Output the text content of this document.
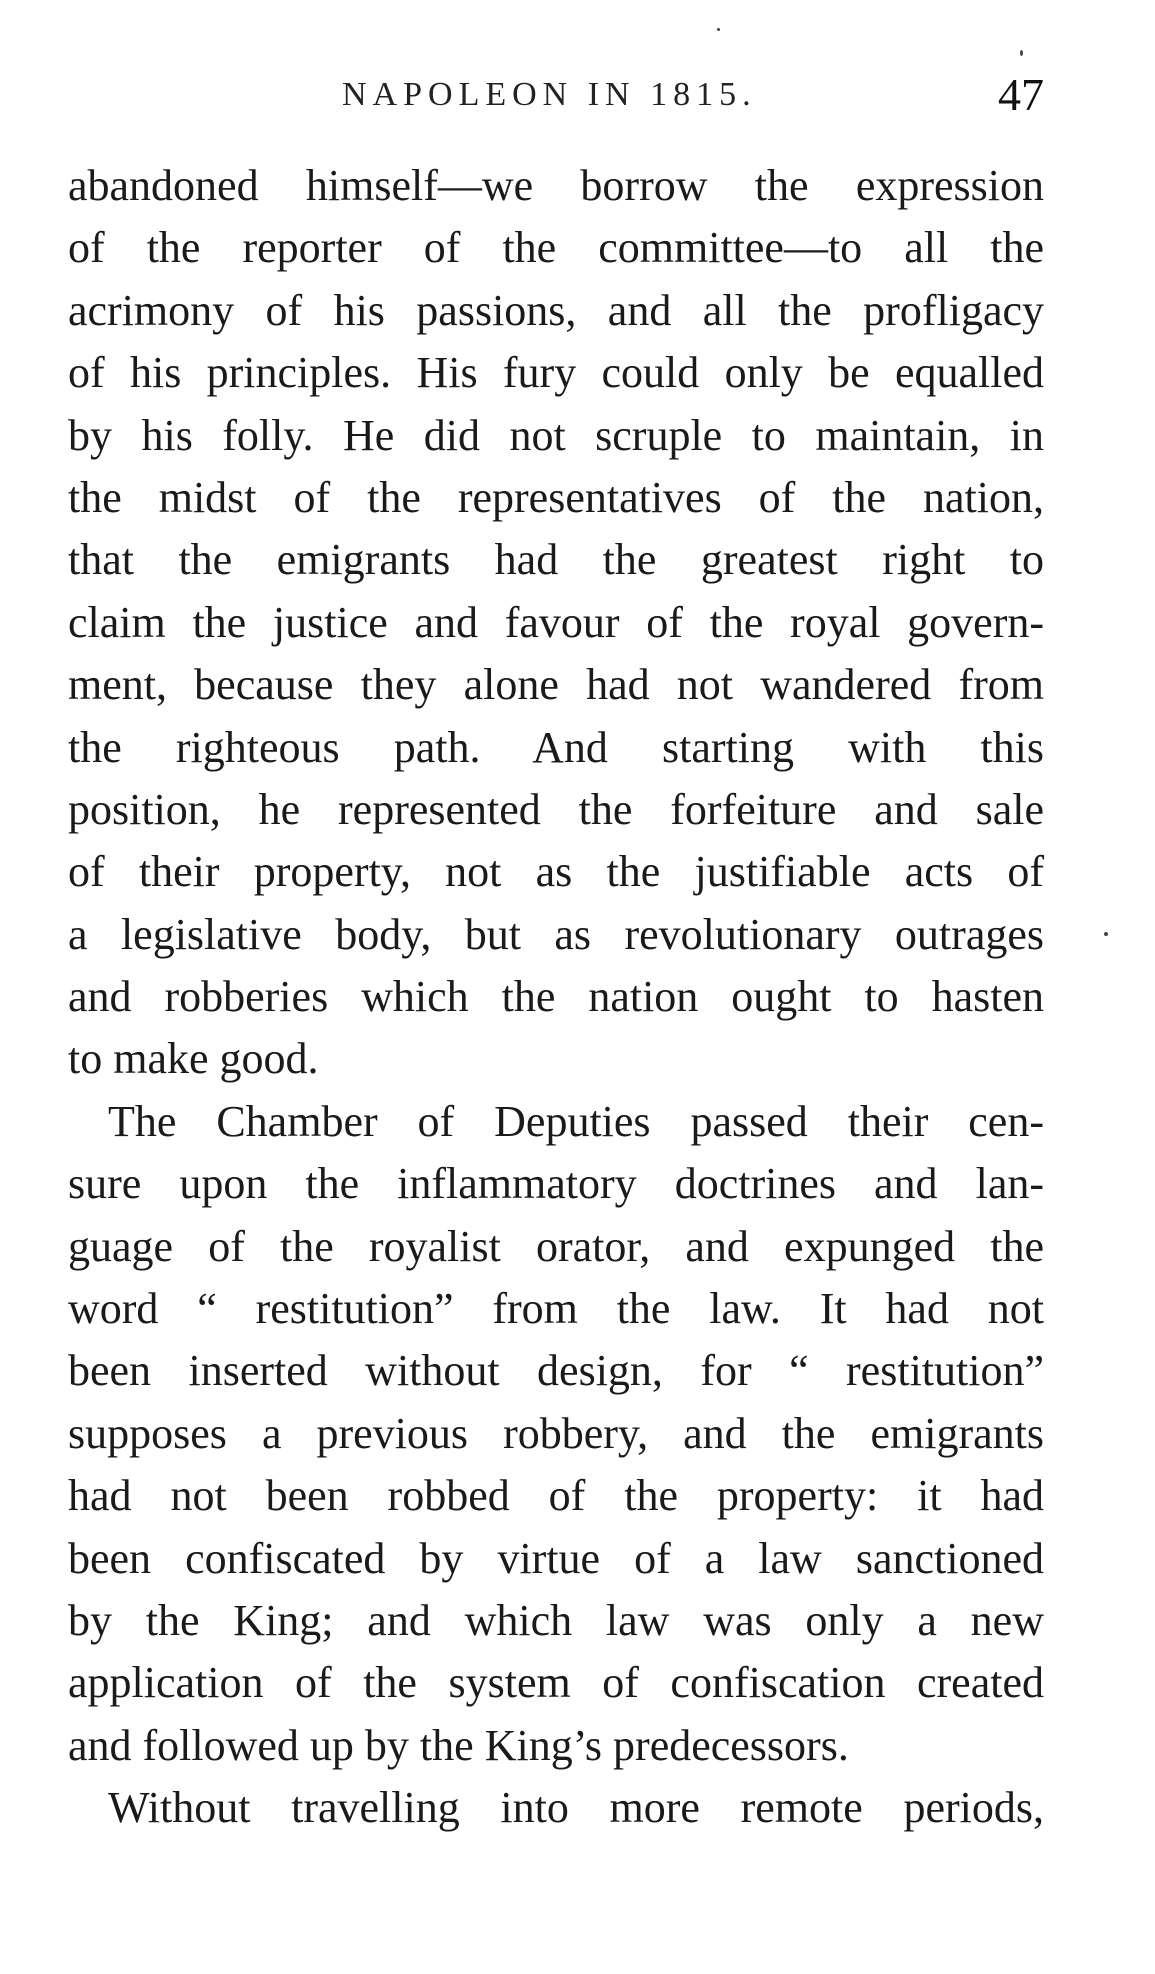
NAPOLEON IN 1815.	47
abandoned himself—we borrow the expression
of the reporter of the committee—to all the
acrimony of his passions, and all the profligacy
of his principles. His fury could only be equalled
by his folly. He did not scruple to maintain, in
the midst of the representatives of the nation,
that the emigrants had the greatest right to
claim the justice and favour of the royal govern-
ment, because they alone had not wandered from
the righteous path. And starting with this
position, he represented the forfeiture and sale
of their property, not as the justifiable acts of
a legislative body, but as revolutionary outrages
and robberies which the nation ought to hasten
to make good.
The Chamber of Deputies passed their cen-
sure upon the inflammatory doctrines and lan-
guage of the royalist orator, and expunged the
word “ restitution” from the law. It had not
been inserted without design, for “ restitution”
supposes a previous robbery, and the emigrants
had not been robbed of the property: it had
been confiscated by virtue of a law sanctioned
by the King; and which law was only a new
application of the system of confiscation created
and followed up by the King’s predecessors.
Without travelling into more remote periods,
